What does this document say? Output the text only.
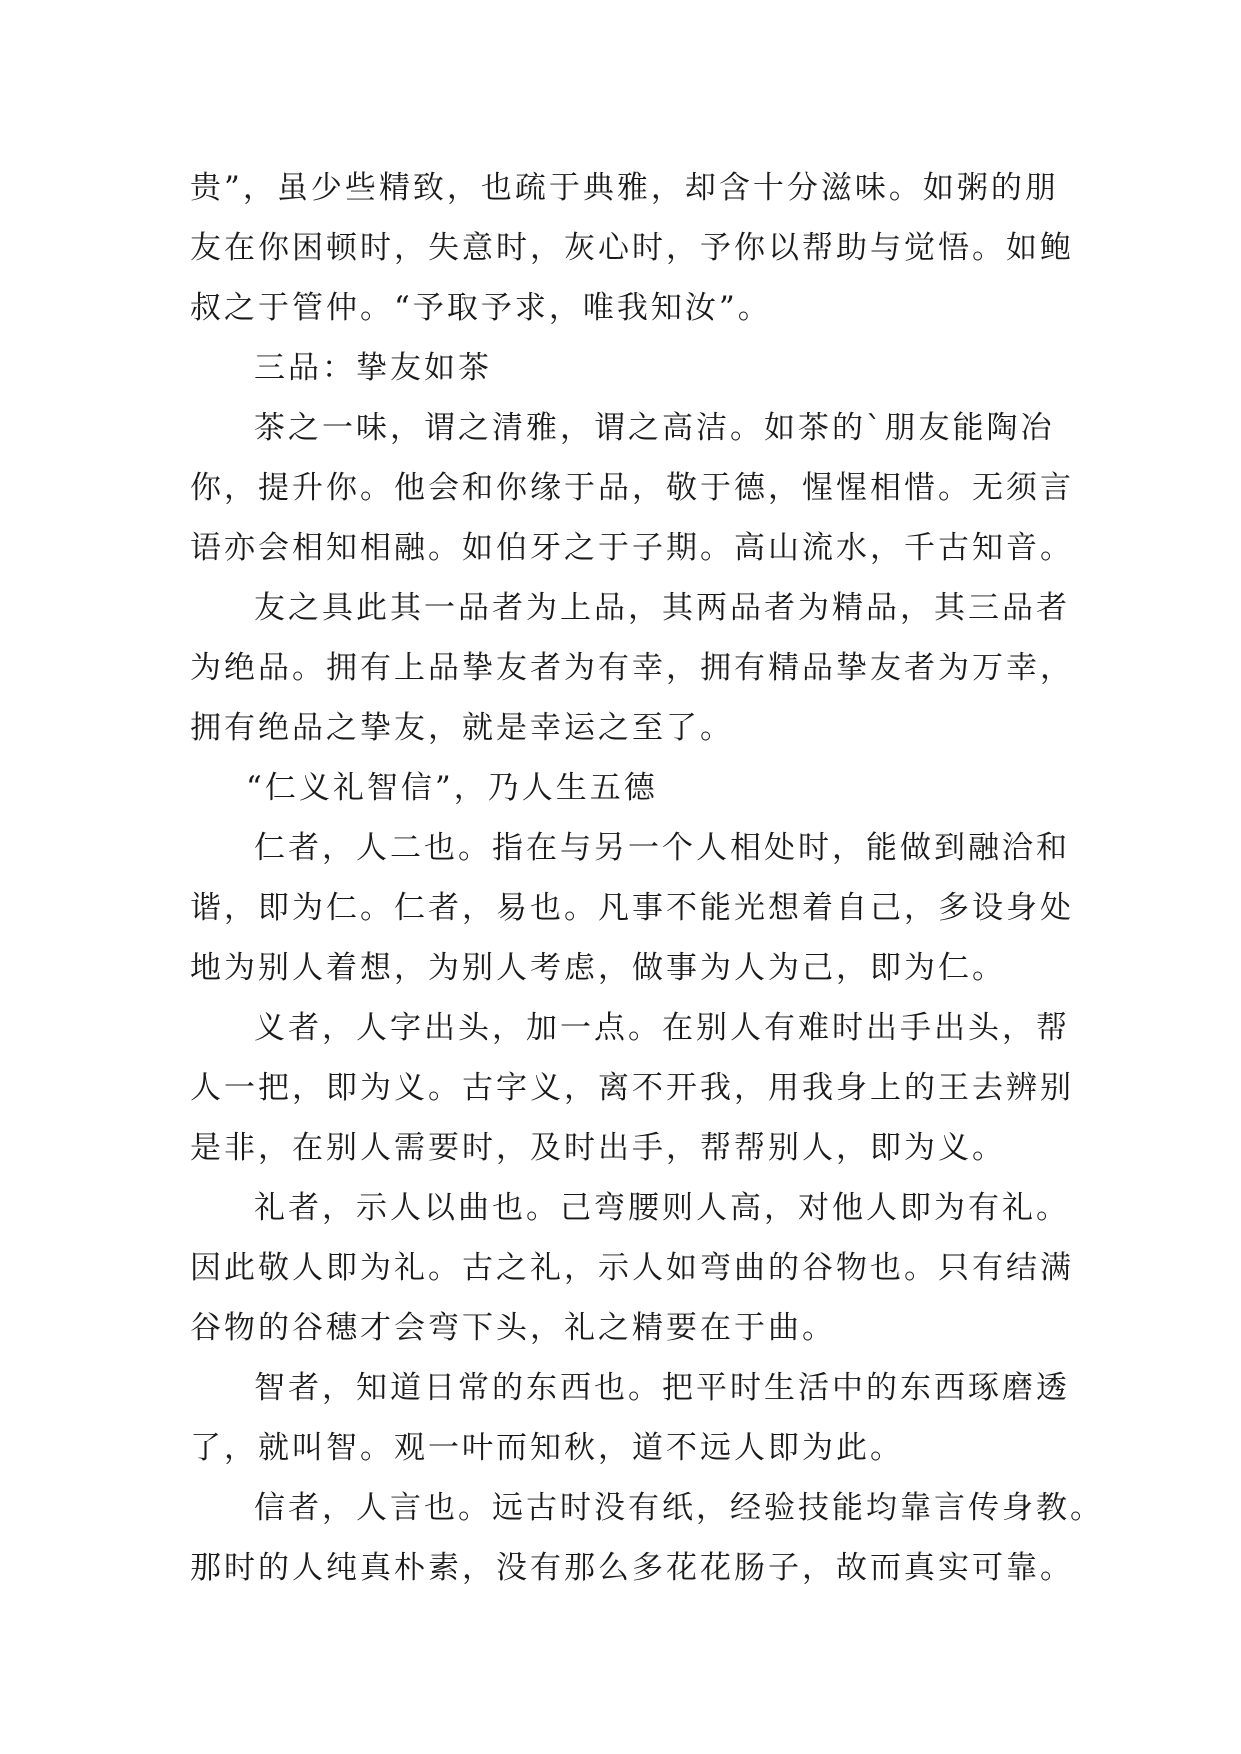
贵”，虽少些精致，也疏于典雅，却含十分滋味。如粥的朋
友在你困顿时，失意时，灰心时，予你以帮助与觉悟。如鲍
叔之于管仲。“予取予求，唯我知汝”。
三品：挚友如茶
茶之一味，谓之清雅，谓之高洁。如茶的`朋友能陶冶
你，提升你。他会和你缘于品，敬于德，惺惺相惜。无须言
语亦会相知相融。如伯牙之于子期。高山流水，千古知音。
友之具此其一品者为上品，其两品者为精品，其三品者
为绝品。拥有上品挚友者为有幸，拥有精品挚友者为万幸，
拥有绝品之挚友，就是幸运之至了。
“仁义礼智信”，乃人生五德
仁者，人二也。指在与另一个人相处时，能做到融洽和
谐，即为仁。仁者，易也。凡事不能光想着自己，多设身处
地为别人着想，为别人考虑，做事为人为己，即为仁。
义者，人字出头，加一点。在别人有难时出手出头，帮
人一把，即为义。古字义，离不开我，用我身上的王去辨别
是非，在别人需要时，及时出手，帮帮别人，即为义。
礼者，示人以曲也。己弯腰则人高，对他人即为有礼。
因此敬人即为礼。古之礼，示人如弯曲的谷物也。只有结满
谷物的谷穗才会弯下头，礼之精要在于曲。
智者，知道日常的东西也。把平时生活中的东西琢磨透
了，就叫智。观一叶而知秋，道不远人即为此。
信者，人言也。远古时没有纸，经验技能均靠言传身教。
那时的人纯真朴素，没有那么多花花肠子，故而真实可靠。
